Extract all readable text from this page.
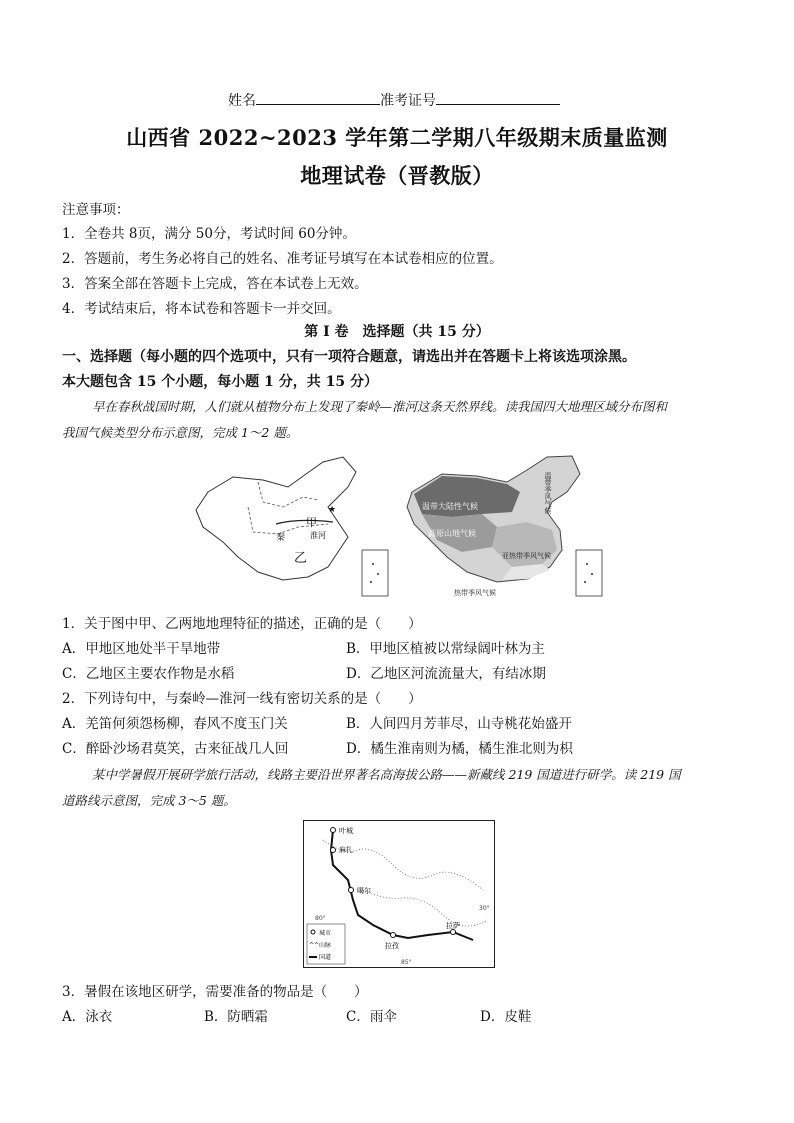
姓名	准考证号
山西省 2022~2023 学年第二学期八年级期末质量监测
地理试卷（晋教版）
注意事项：
1．全卷共 8页，满分 50分，考试时间 60分钟。
2．答题前，考生务必将自己的姓名、准考证号填写在本试卷相应的位置。
3．答案全部在答题卡上完成，答在本试卷上无效。
4．考试结束后，将本试卷和答题卡一并交回。
第 I 卷　选择题（共 15 分）
一、选择题（每小题的四个选项中，只有一项符合题意，请选出并在答题卡上将该选项涂黑。
本大题包含 15 个小题，每小题 1 分，共 15 分）
早在春秋战国时期，人们就从植物分布上发现了秦岭—淮河这条天然界线。读我国四大地理区域分布图和
我国气候类型分布示意图，完成 1～2 题。
甲
乙
秦	淮河
★	温带大陆性气候
高原山地气候
亚热带季风气候
热带季风气候
温带季风气候
1．关于图中甲、乙两地地理特征的描述，正确的是（　　）
A．甲地区地处半干旱地带	B．甲地区植被以常绿阔叶林为主
C．乙地区主要农作物是水稻	D．乙地区河流流量大，有结冰期
2．下列诗句中，与秦岭—淮河一线有密切关系的是（　　）
A．羌笛何须怨杨柳，春风不度玉门关	B．人间四月芳菲尽，山寺桃花始盛开
C．醉卧沙场君莫笑，古来征战几人回	D．橘生淮南则为橘，橘生淮北则为枳
某中学暑假开展研学旅行活动，线路主要沿世界著名高海拔公路——新藏线 219 国道进行研学。读 219 国
道路线示意图，完成 3～5 题。
叶城
麻扎
噶尔
拉孜
拉萨
80°
85°
30°
城市
^^ 山脉
国道
3．暑假在该地区研学，需要准备的物品是（　　）
A．泳衣	B．防晒霜	C．雨伞	D．皮鞋
